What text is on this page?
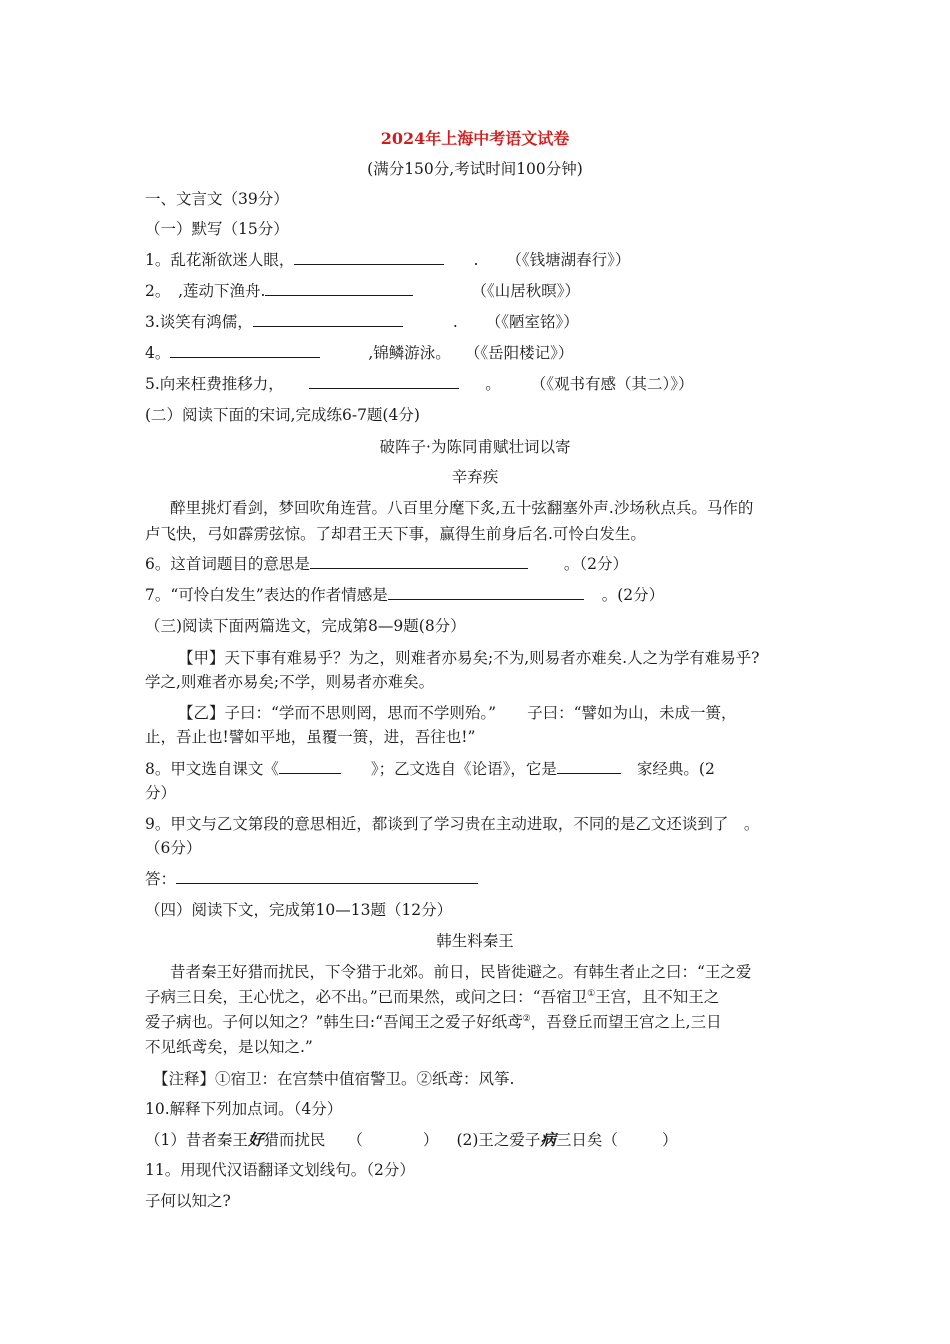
2024年上海中考语文试卷
(满分150分,考试时间100分钟)
一、文言文（39分）
（一）默写（15分）
1。乱花渐欲迷人眼，	. （《钱塘湖春行》）
2。　,莲动下渔舟.	（《山居秋暝》）
3.谈笑有鸿儒，	. （《陋室铭》）
4。	,锦鳞游泳。 （《岳阳楼记》）
5.向来枉费推移力，	。 （《观书有感（其二）》）
(二）阅读下面的宋词,完成练6-7题(4分)
破阵子·为陈同甫赋壮词以寄
辛弃疾
醉里挑灯看剑，梦回吹角连营。八百里分麾下炙,五十弦翻塞外声.沙场秋点兵。马作的
卢飞快，弓如霹雳弦惊。了却君王天下事，赢得生前身后名.可怜白发生。
6。这首词题目的意思是	。（2分）
7。“可怜白发生”表达的作者情感是	。(2分）
（三)阅读下面两篇选文，完成第8—9题(8分）
【甲】天下事有难易乎？为之，则难者亦易矣;不为,则易者亦难矣.人之为学有难易乎?
学之,则难者亦易矣;不学，则易者亦难矣。
【乙】子曰：“学而不思则罔，思而不学则殆。”　　子曰：“譬如为山，未成一篑，
止，吾止也!譬如平地，虽覆一篑，进，吾往也!”
8。甲文选自课文《	》；乙文选自《论语》，它是	家经典。(2
分）
9。甲文与乙文第段的意思相近，都谈到了学习贵在主动进取，不同的是乙文还谈到了　。
（6分）
答：
（四）阅读下文，完成第10—13题（12分）
韩生料秦王
昔者秦王好猎而扰民，下令猎于北郊。前日，民皆徙避之。有韩生者止之曰：“王之爱
子病三日矣，王心忧之，必不出。”已而果然，或问之曰：“吾宿卫①王宫，且不知王之
爱子病也。子何以知之？”韩生曰:“吾闻王之爱子好纸鸢②，吾登丘而望王宫之上,三日
不见纸鸢矣，是以知之.”
【注释】①宿卫：在宫禁中值宿警卫。②纸鸢：风筝.
10.解释下列加点词。（4分）
（1）昔者秦王好猎而扰民 （	） (2)王之爱子病三日矣（	）
11。用现代汉语翻译文划线句。（2分）
子何以知之?
